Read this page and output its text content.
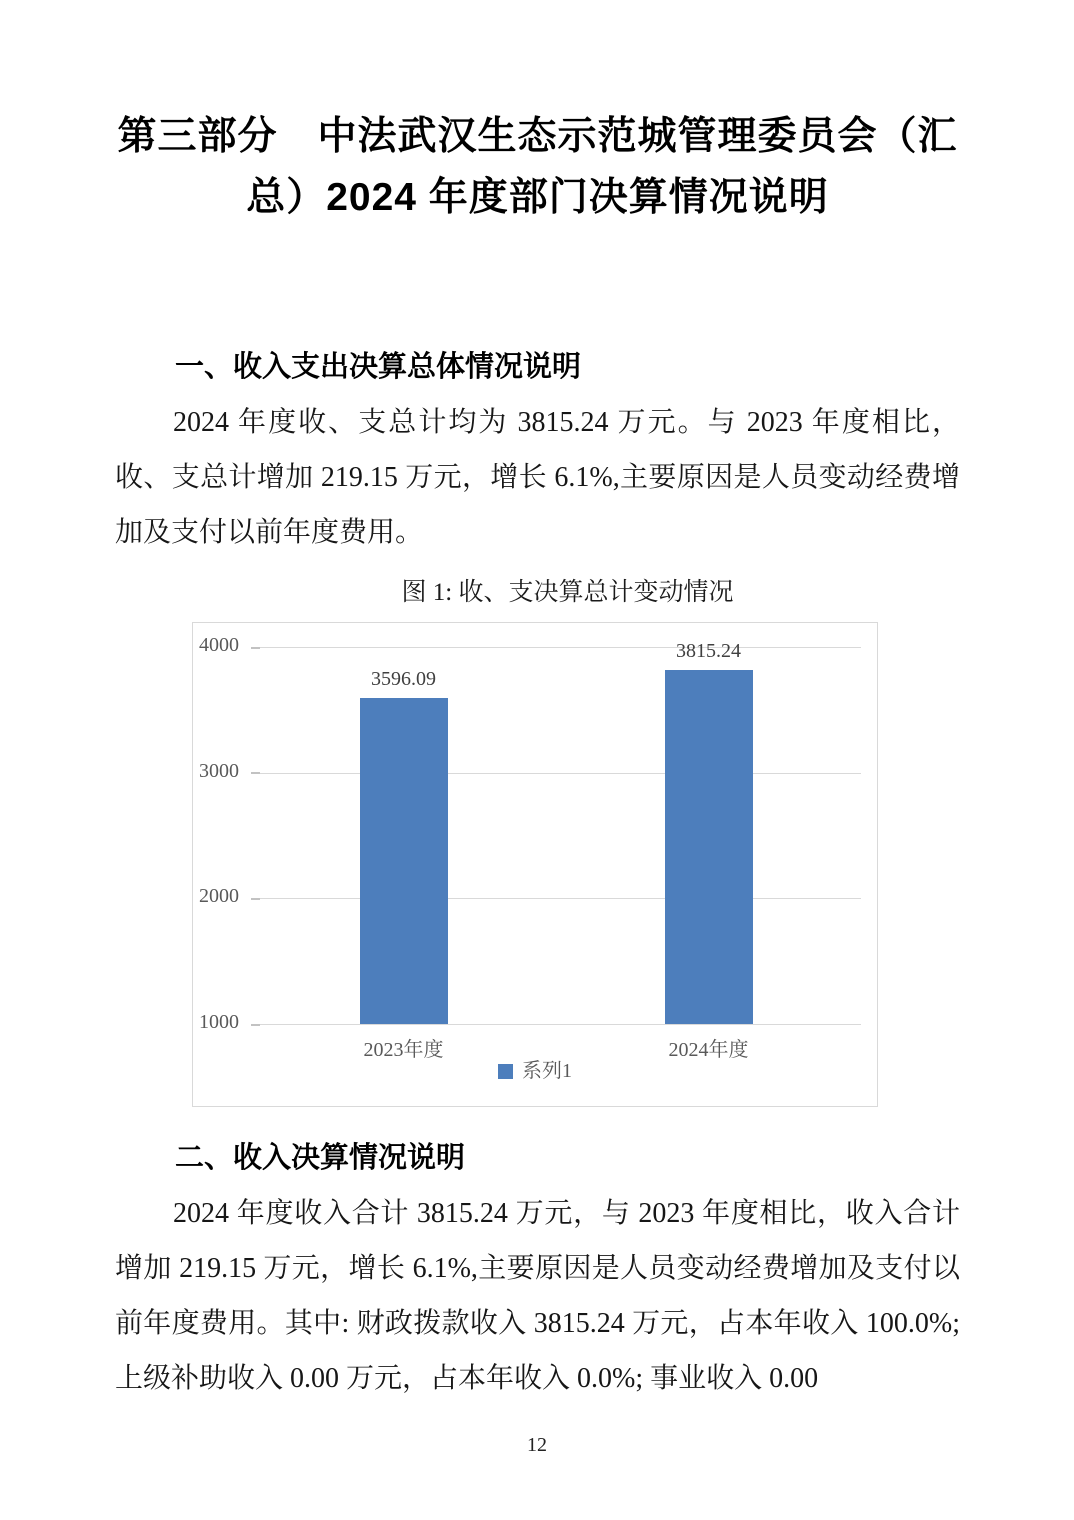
第三部分　中法武汉生态示范城管理委员会（汇总）2024 年度部门决算情况说明
一、收入支出决算总体情况说明

2024 年度收、支总计均为 3815.24 万元。与 2023 年度相比，收、支总计增加 219.15 万元，增长 6.1%,主要原因是人员变动经费增加及支付以前年度费用。

图 1: 收、支决算总计变动情况

系列1
4000
3000
2000
1000
3596.09
2023年度
3815.24
2024年度
二、收入决算情况说明

2024 年度收入合计 3815.24 万元，与 2023 年度相比，收入合计增加 219.15 万元，增长 6.1%,主要原因是人员变动经费增加及支付以前年度费用。其中: 财政拨款收入 3815.24 万元，占本年收入 100.0%; 上级补助收入 0.00 万元，占本年收入 0.0%; 事业收入 0.00

12
